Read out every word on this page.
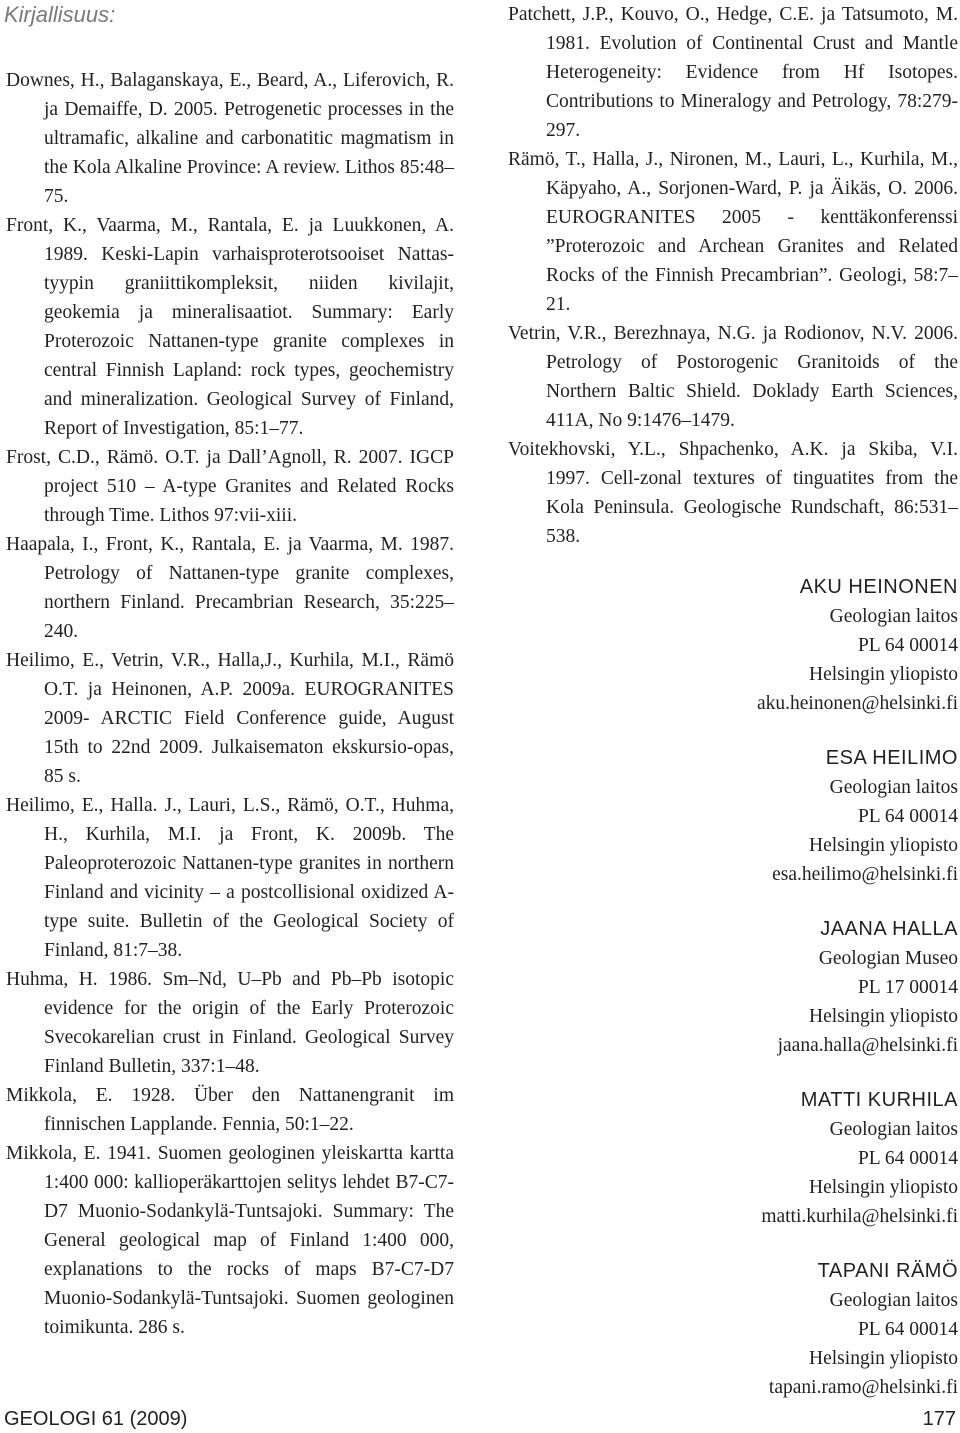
Kirjallisuus:

Downes, H., Balaganskaya, E., Beard, A., Liferovich, R. ja Demaiffe, D. 2005. Petrogenetic processes in the ultramafic, alkaline and carbonatitic magmatism in the Kola Alkaline Province: A review. Lithos 85:48–75.

Front, K., Vaarma, M., Rantala, E. ja Luukkonen, A. 1989. Keski-Lapin varhaisproterotsooiset Nattas-tyypin graniittikompleksit, niiden kivilajit, geokemia ja mineralisaatiot. Summary: Early Proterozoic Nattanen-type granite complexes in central Finnish Lapland: rock types, geochemistry and mineralization. Geological Survey of Finland, Report of Investigation, 85:1–77.

Frost, C.D., Rämö. O.T. ja Dall’Agnoll, R. 2007. IGCP project 510 – A-type Granites and Related Rocks through Time. Lithos 97:vii-xiii.

Haapala, I., Front, K., Rantala, E. ja Vaarma, M. 1987. Petrology of Nattanen-type granite complexes, northern Finland. Precambrian Research, 35:225–240.

Heilimo, E., Vetrin, V.R., Halla,J., Kurhila, M.I., Rämö O.T. ja Heinonen, A.P. 2009a. EUROGRANITES 2009- ARCTIC Field Conference guide, August 15th to 22nd 2009. Julkaisematon ekskursio-opas, 85 s.

Heilimo, E., Halla. J., Lauri, L.S., Rämö, O.T., Huhma, H., Kurhila, M.I. ja Front, K. 2009b. The Paleoproterozoic Nattanen-type granites in northern Finland and vicinity – a postcollisional oxidized A-type suite. Bulletin of the Geological Society of Finland, 81:7–38.

Huhma, H. 1986. Sm–Nd, U–Pb and Pb–Pb isotopic evidence for the origin of the Early Proterozoic Svecokarelian crust in Finland. Geological Survey Finland Bulletin, 337:1–48.

Mikkola, E. 1928. Über den Nattanengranit im finnischen Lapplande. Fennia, 50:1–22.

Mikkola, E. 1941. Suomen geologinen yleiskartta kartta 1:400 000: kallioperäkarttojen selitys lehdet B7-C7-D7 Muonio-Sodankylä-Tuntsajoki. Summary: The General geological map of Finland 1:400 000, explanations to the rocks of maps B7-C7-D7 Muonio-Sodankylä-Tuntsajoki. Suomen geologinen toimikunta. 286 s.

Patchett, J.P., Kouvo, O., Hedge, C.E. ja Tatsumoto, M. 1981. Evolution of Continental Crust and Mantle Heterogeneity: Evidence from Hf Isotopes. Contributions to Mineralogy and Petrology, 78:279-297.

Rämö, T., Halla, J., Nironen, M., Lauri, L., Kurhila, M., Käpyaho, A., Sorjonen-Ward, P. ja Äikäs, O. 2006. EUROGRANITES 2005 - kenttäkonferenssi ”Proterozoic and Archean Granites and Related Rocks of the Finnish Precambrian”. Geologi, 58:7–21.

Vetrin, V.R., Berezhnaya, N.G. ja Rodionov, N.V. 2006. Petrology of Postorogenic Granitoids of the Northern Baltic Shield. Doklady Earth Sciences, 411A, No 9:1476–1479.

Voitekhovski, Y.L., Shpachenko, A.K. ja Skiba, V.I. 1997. Cell-zonal textures of tinguatites from the Kola Peninsula. Geologische Rundschaft, 86:531–538.

AKU HEINONEN
Geologian laitos
PL 64 00014
Helsingin yliopisto
aku.heinonen@helsinki.fi
ESA HEILIMO
Geologian laitos
PL 64 00014
Helsingin yliopisto
esa.heilimo@helsinki.fi
JAANA HALLA
Geologian Museo
PL 17 00014
Helsingin yliopisto
jaana.halla@helsinki.fi
MATTI KURHILA
Geologian laitos
PL 64 00014
Helsingin yliopisto
matti.kurhila@helsinki.fi
TAPANI RÄMÖ
Geologian laitos
PL 64 00014
Helsingin yliopisto
tapani.ramo@helsinki.fi
GEOLOGI 61 (2009)	177
